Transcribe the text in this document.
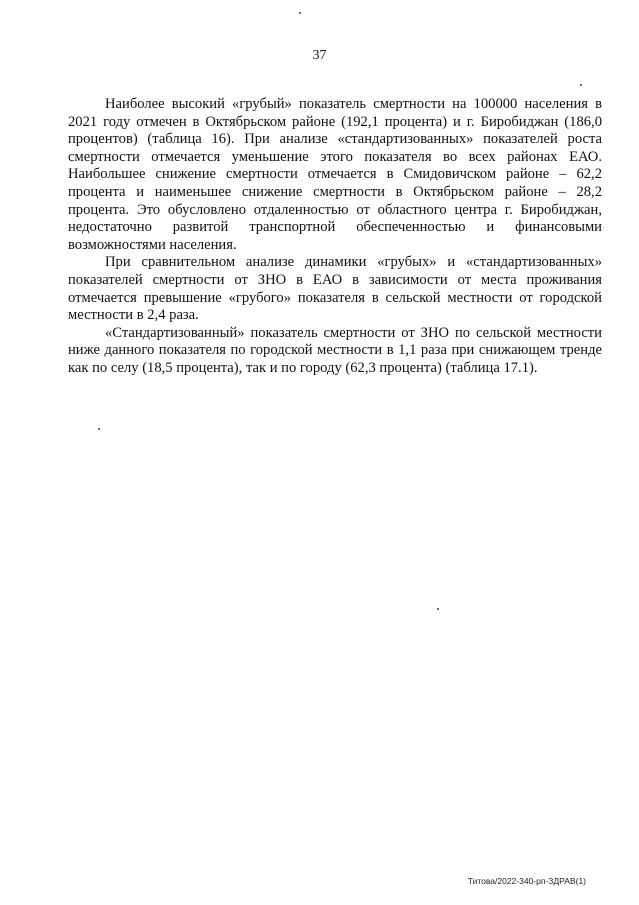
37

Наиболее высокий «грубый» показатель смертности на 100000 населения в 2021 году отмечен в Октябрьском районе (192,1 процента) и г. Биробиджан (186,0 процентов) (таблица 16). При анализе «стандартизованных» показателей роста смертности отмечается уменьшение этого показателя во всех районах ЕАО. Наибольшее снижение смертности отмечается в Смидовичском районе – 62,2 процента и наименьшее снижение смертности в Октябрьском районе – 28,2 процента. Это обусловлено отдаленностью от областного центра г. Биробиджан, недостаточно развитой транспортной обеспеченностью и финансовыми возможностями населения.

При сравнительном анализе динамики «грубых» и «стандартизованных» показателей смертности от ЗНО в ЕАО в зависимости от места проживания отмечается превышение «грубого» показателя в сельской местности от городской местности в 2,4 раза.

«Стандартизованный» показатель смертности от ЗНО по сельской местности ниже данного показателя по городской местности в 1,1 раза при снижающем тренде как по селу (18,5 процента), так и по городу (62,3 процента) (таблица 17.1).

Титова/2022-340-рп-ЗДРАВ(1)
